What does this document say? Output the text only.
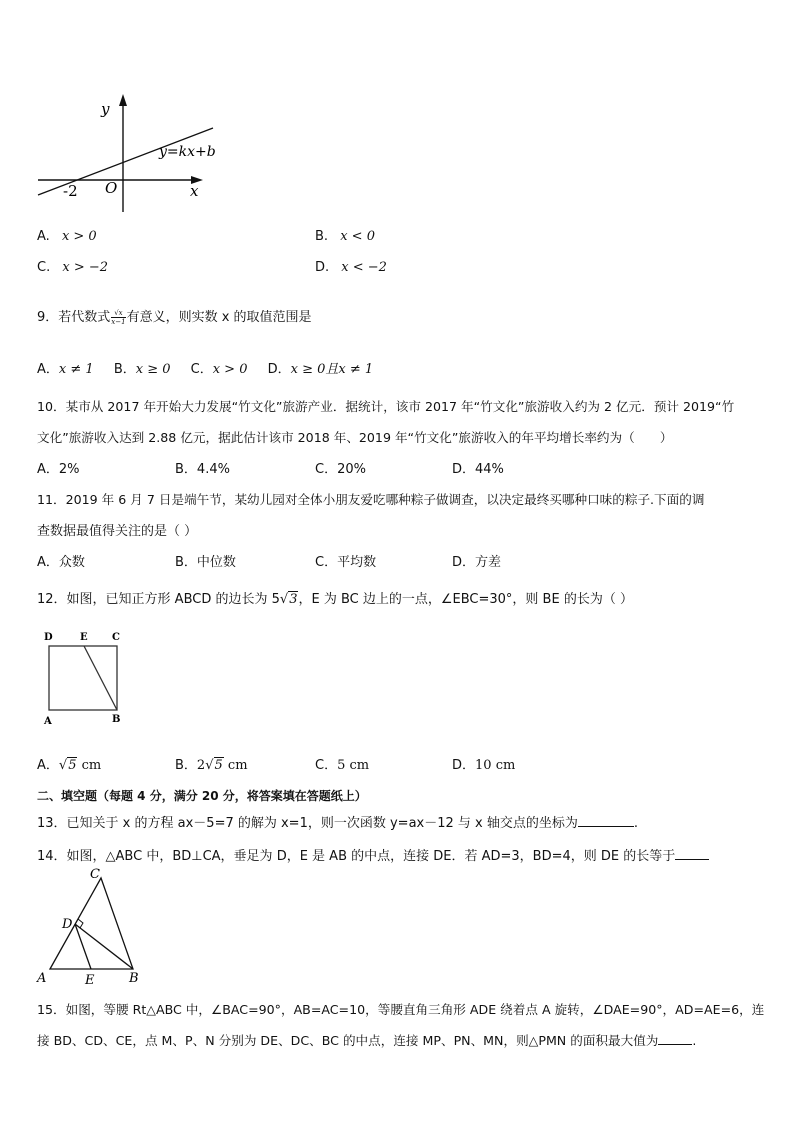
y
x
O
-2
y=kx+b
A. x > 0	B. x < 0
C. x > −2	D. x < −2
9．若代数式 $\frac{√x}{x-1}$ 有意义，则实数 x 的取值范围是
A．x ≠ 1 B．x ≥ 0 C．x > 0 D．x ≥ 0且x ≠ 1
10．某市从 2017 年开始大力发展“竹文化”旅游产业．据统计，该市 2017 年“竹文化”旅游收入约为 2 亿元．预计 2019“竹
文化”旅游收入达到 2.88 亿元，据此估计该市 2018 年、2019 年“竹文化”旅游收入的年平均增长率约为（　　）
A．2%	B．4.4%	C．20%	D．44%
11．2019 年 6 月 7 日是端午节，某幼儿园对全体小朋友爱吃哪种粽子做调查，以决定最终买哪种口味的粽子.下面的调
查数据最值得关注的是（ ）
A．众数	B．中位数	C．平均数	D．方差
12．如图，已知正方形 ABCD 的边长为 5√3，E 为 BC 边上的一点，∠EBC=30°，则 BE 的长为（ ）
D	E C
A	B
A．√5 cm	B．2√5 cm	C．5 cm	D．10 cm
二、填空题（每题 4 分，满分 20 分，将答案填在答题纸上）
13．已知关于 x 的方程 ax－5=7 的解为 x=1，则一次函数 y=ax－12 与 x 轴交点的坐标为	.
14．如图，△ABC 中，BD⊥CA，垂足为 D，E 是 AB 的中点，连接 DE．若 AD=3，BD=4，则 DE 的长等于
C
D
A	E	B
15．如图，等腰 Rt△ABC 中，∠BAC=90°，AB=AC=10，等腰直角三角形 ADE 绕着点 A 旋转，∠DAE=90°，AD=AE=6，连
接 BD、CD、CE，点 M、P、N 分别为 DE、DC、BC 的中点，连接 MP、PN、MN，则△PMN 的面积最大值为	.
